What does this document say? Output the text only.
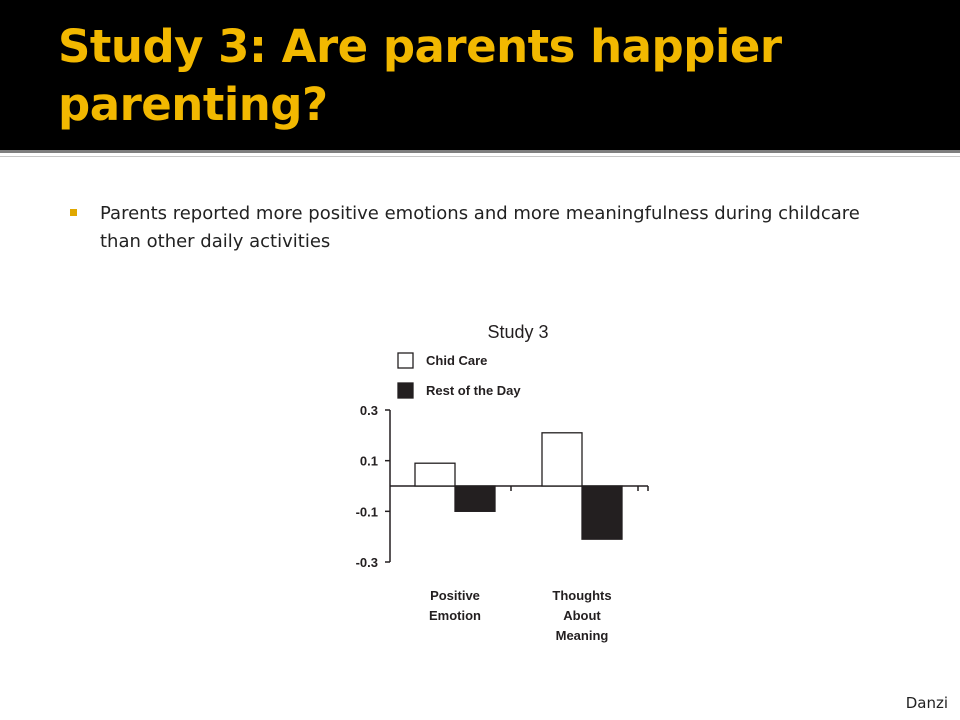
Study 3: Are parents happier parenting?

Parents reported more positive emotions and more meaningfulness during childcare than other daily activities

Study 3
Chid Care
Rest of the Day
0.3
0.1
-0.1
-0.3
Positive
Emotion
Thoughts
About
Meaning

Danzi
